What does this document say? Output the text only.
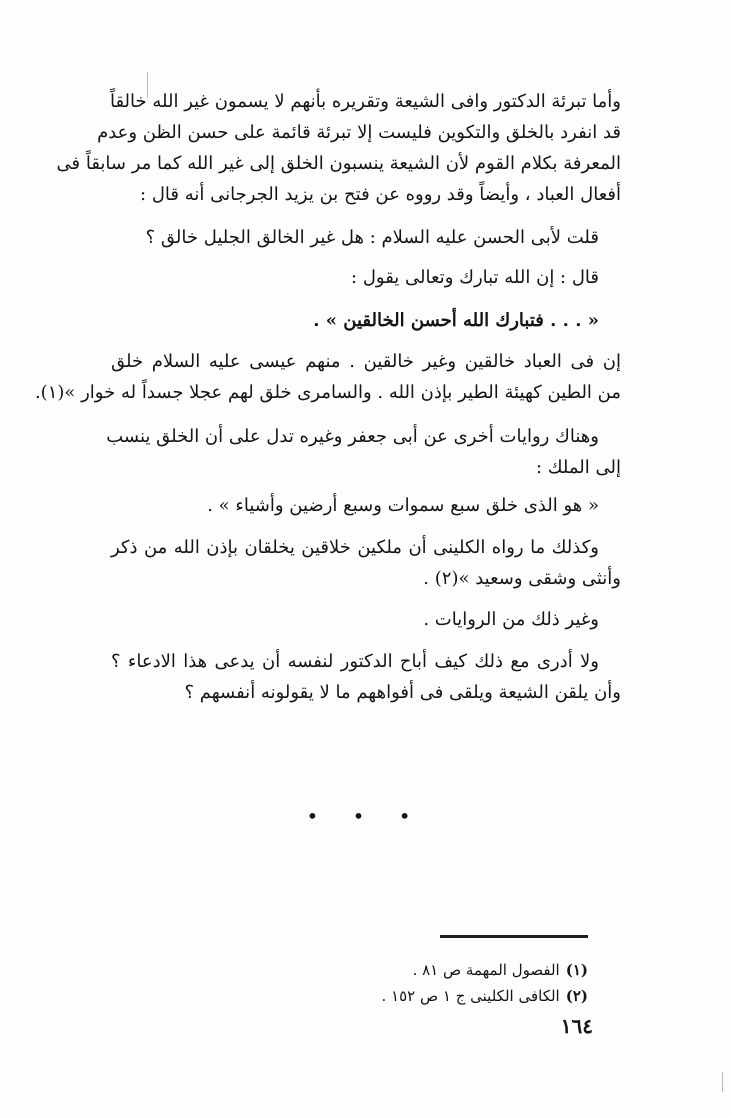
وأما تبرئة الدكتور وافى الشيعة وتقريره بأنهم لا يسمون غير الله خالقاً
قد انفرد بالخلق والتكوين فليست إلا تبرئة قائمة على حسن الظن وعدم
المعرفة بكلام القوم لأن الشيعة ينسبون الخلق إلى غير الله كما مر سابقاً فى
أفعال العباد ، وأيضاً وقد رووه عن فتح بن يزيد الجرجانى أنه قال :
قلت لأبى الحسن عليه السلام : هل غير الخالق الجليل خالق ؟
قال : إن الله تبارك وتعالى يقول :
« . . . فتبارك الله أحسن الخالقين » .
إن فى العباد خالقين وغير خالقين . منهم عيسى عليه السلام خلق
من الطين كهيئة الطير بإذن الله . والسامرى خلق لهم عجلا جسداً له خوار »(١).
وهناك روايات أخرى عن أبى جعفر وغيره تدل على أن الخلق ينسب
إلى الملك :
« هو الذى خلق سبع سموات وسبع أرضين وأشياء » .
وكذلك ما رواه الكلينى أن ملكين خلاقين يخلقان بإذن الله من ذكر
وأنثى وشقى وسعيد »(٢) .
وغير ذلك من الروايات .
ولا أدرى مع ذلك كيف أباح الدكتور لنفسه أن يدعى هذا الادعاء ؟
وأن يلقن الشيعة ويلقى فى أفواههم ما لا يقولونه أنفسهم ؟
• • •
(١)الفصول المهمة ص ٨١ .
(٢)الكافى الكلينى ج ١ ص ١٥٢ .
١٦٤
